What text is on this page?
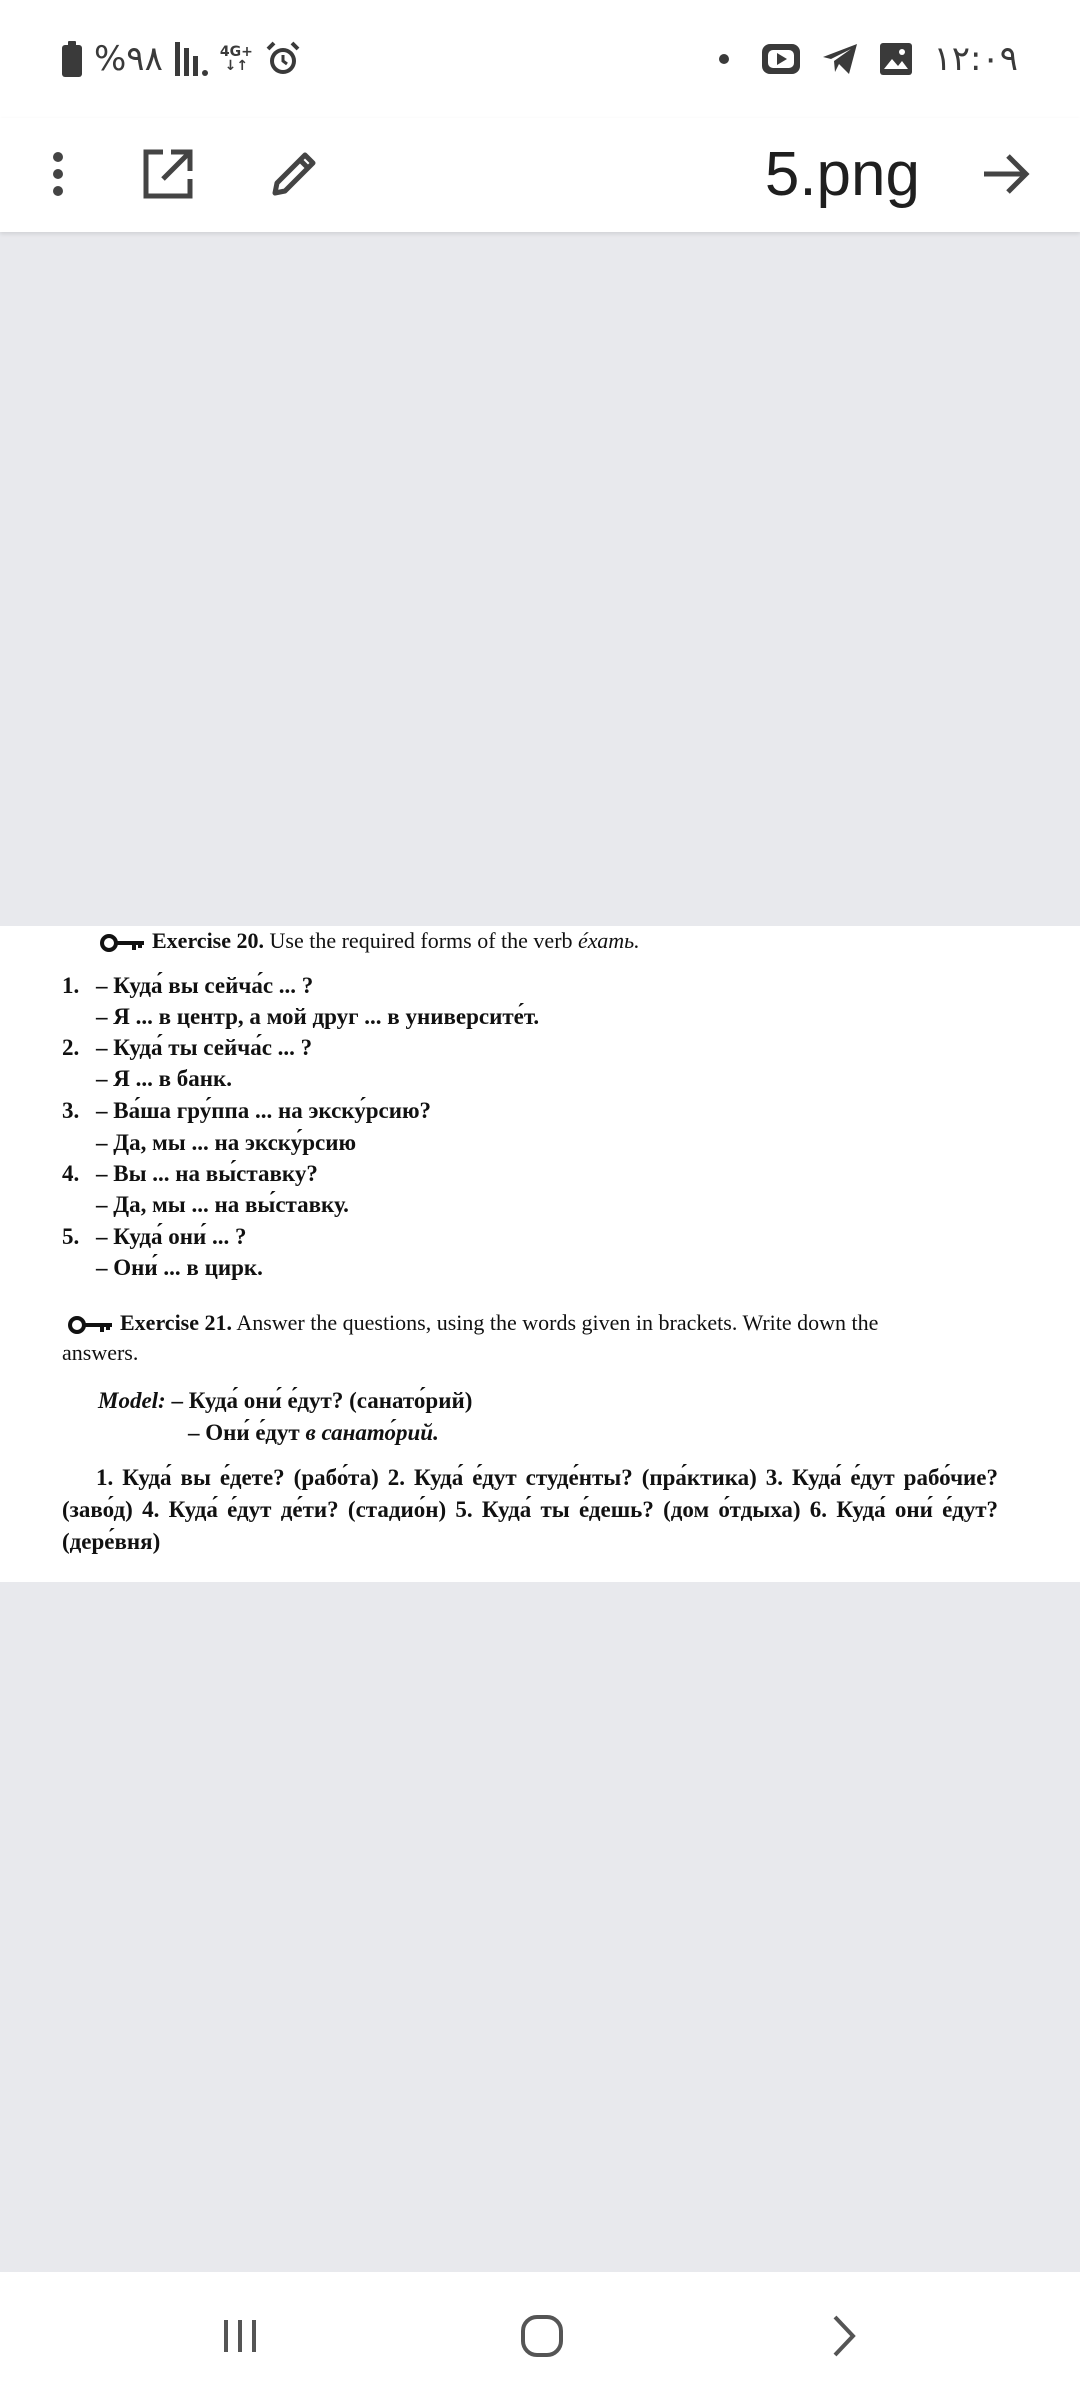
%۹۸	4G+
↓↑	۱۲:۰۹
5.png
Exercise 20. Use the required forms of the verb éхать.
1. – Куда́ вы сейча́с ... ?
– Я ... в центр, а мой друг ... в университе́т.
2. – Куда́ ты сейча́с ... ?
– Я ... в банк.
3. – Ва́ша гру́ппа ... на экску́рсию?
– Да, мы ... на экску́рсию
4. – Вы ... на вы́ставку?
– Да, мы ... на вы́ставку.
5. – Куда́ они́ ... ?
– Они́ ... в цирк.
Exercise 21. Answer the questions, using the words given in brackets. Write down the
answers.
Model: – Куда́ они́ е́дут? (санато́рий)
– Они́ е́дут в санато́рий.
1. Куда́ вы е́дете? (рабо́та) 2. Куда́ е́дут студе́нты? (пра́ктика) 3. Куда́ е́дут рабо́чие? (заво́д) 4. Куда́ е́дут де́ти? (стадио́н) 5. Куда́ ты е́дешь? (дом о́тдыха) 6. Куда́ они́ е́дут? (дере́вня)
